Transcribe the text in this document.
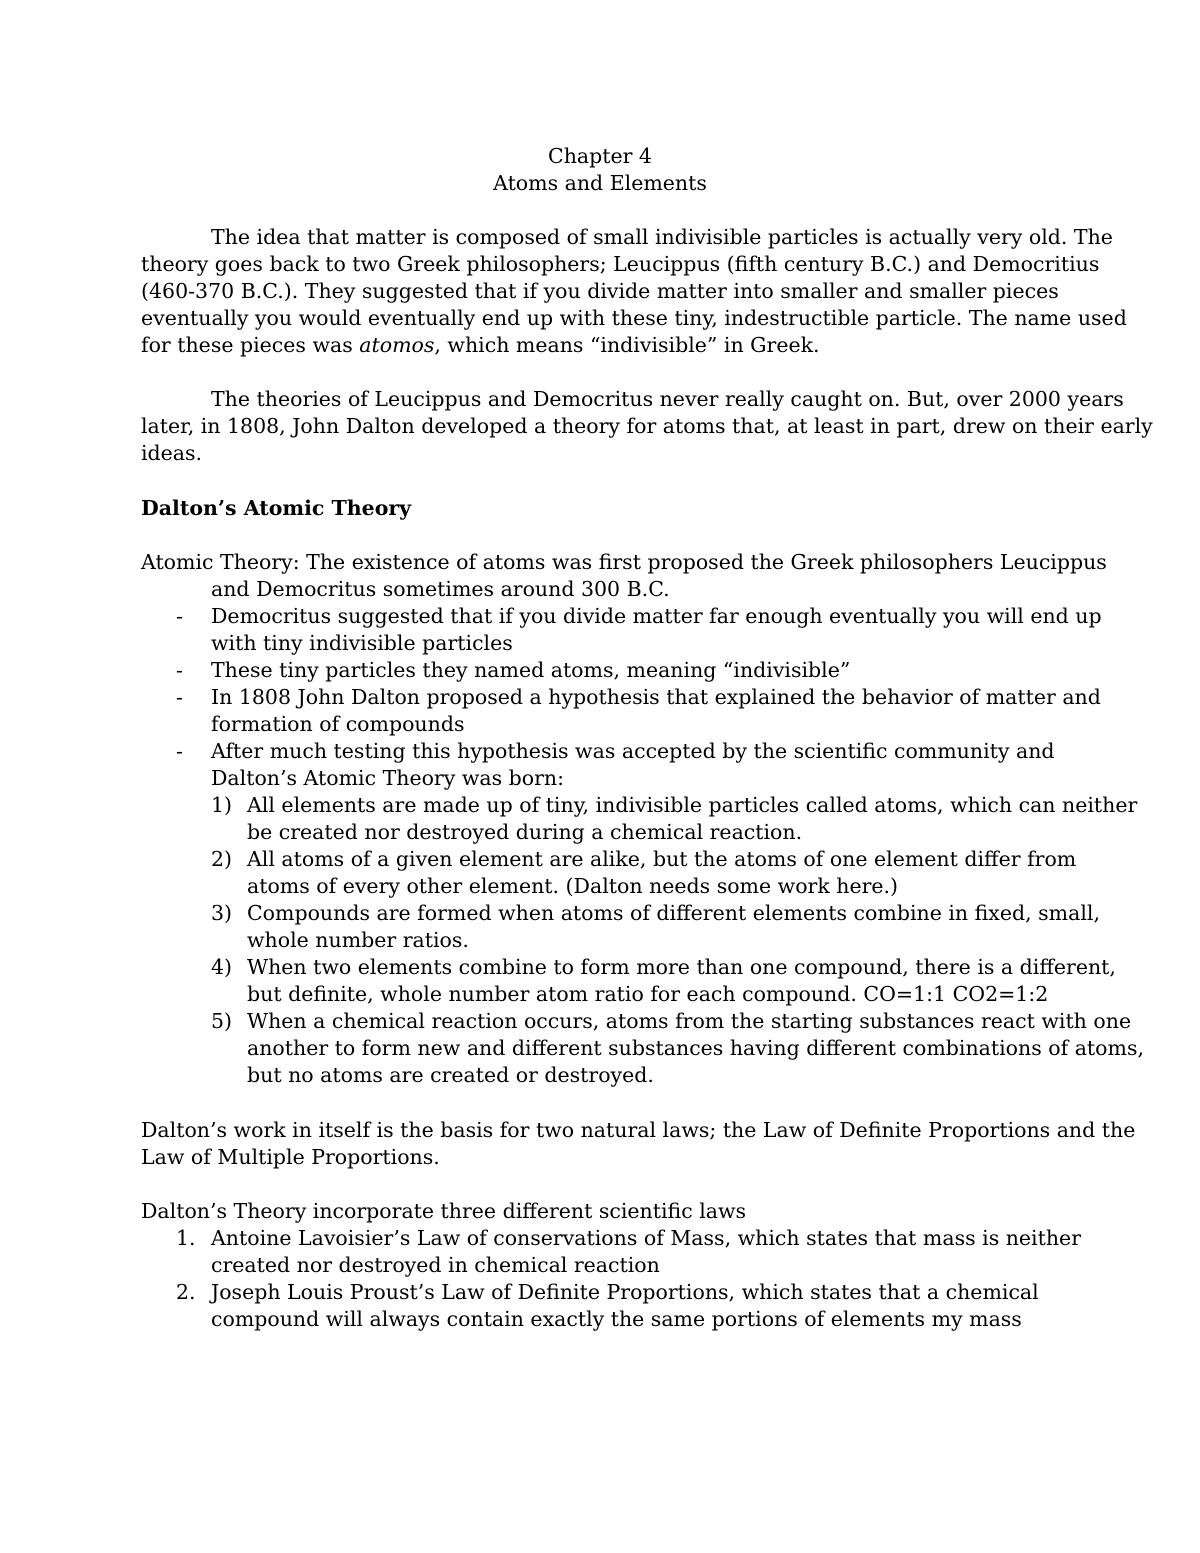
Chapter 4
Atoms and Elements
The idea that matter is composed of small indivisible particles is actually very old. The
theory goes back to two Greek philosophers; Leucippus (fifth century B.C.) and Democritius
(460-370 B.C.). They suggested that if you divide matter into smaller and smaller pieces
eventually you would eventually end up with these tiny, indestructible particle. The name used
for these pieces was atomos, which means “indivisible” in Greek.
The theories of Leucippus and Democritus never really caught on. But, over 2000 years
later, in 1808, John Dalton developed a theory for atoms that, at least in part, drew on their early
ideas.
Dalton’s Atomic Theory
Atomic Theory: The existence of atoms was first proposed the Greek philosophers Leucippus
and Democritus sometimes around 300 B.C.
- Democritus suggested that if you divide matter far enough eventually you will end up
with tiny indivisible particles
- These tiny particles they named atoms, meaning “indivisible”
- In 1808 John Dalton proposed a hypothesis that explained the behavior of matter and
formation of compounds
- After much testing this hypothesis was accepted by the scientific community and
Dalton’s Atomic Theory was born:
1) All elements are made up of tiny, indivisible particles called atoms, which can neither
be created nor destroyed during a chemical reaction.
2) All atoms of a given element are alike, but the atoms of one element differ from
atoms of every other element. (Dalton needs some work here.)
3) Compounds are formed when atoms of different elements combine in fixed, small,
whole number ratios.
4) When two elements combine to form more than one compound, there is a different,
but definite, whole number atom ratio for each compound. CO=1:1 CO2=1:2
5) When a chemical reaction occurs, atoms from the starting substances react with one
another to form new and different substances having different combinations of atoms,
but no atoms are created or destroyed.
Dalton’s work in itself is the basis for two natural laws; the Law of Definite Proportions and the
Law of Multiple Proportions.
Dalton’s Theory incorporate three different scientific laws
1. Antoine Lavoisier’s Law of conservations of Mass, which states that mass is neither
created nor destroyed in chemical reaction
2. Joseph Louis Proust’s Law of Definite Proportions, which states that a chemical
compound will always contain exactly the same portions of elements my mass
